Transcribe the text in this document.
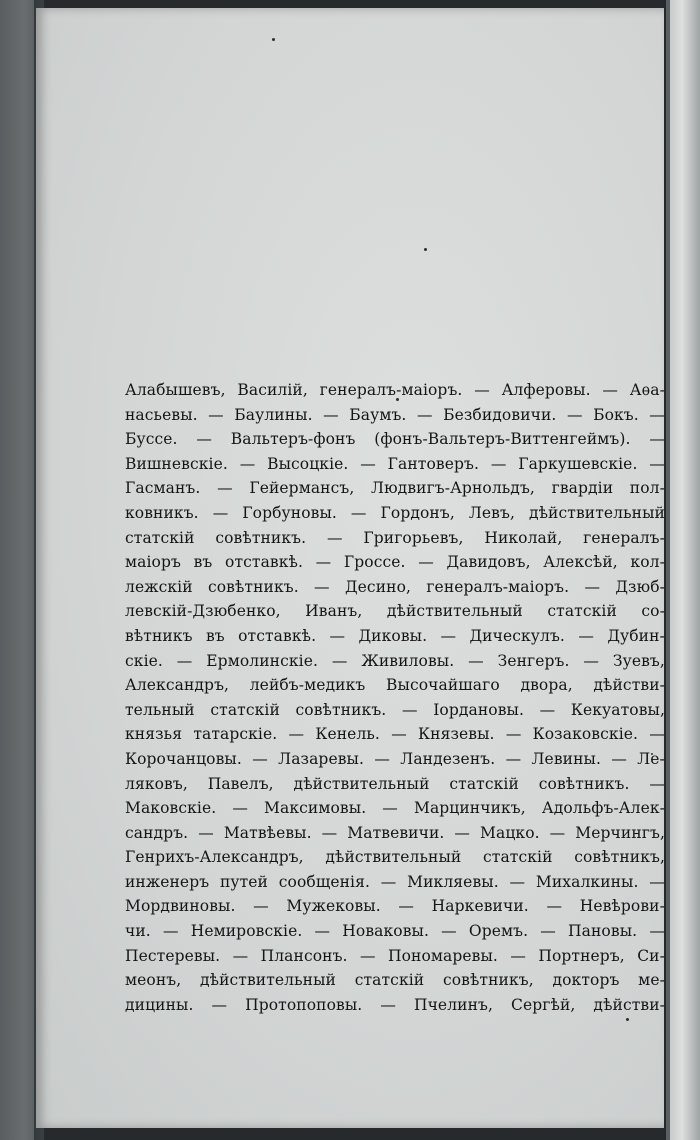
Алабышевъ, Василій, генералъ-маіоръ. — Алферовы. — Аѳа-
насьевы. — Баулины. — Баумъ. — Безбидовичи. — Бокъ. —
Буссе. — Вальтеръ-фонъ (фонъ-Вальтеръ-Виттенгеймъ). —
Вишневскіе. — Высоцкіе. — Гантоверъ. — Гаркушевскіе. —
Гасманъ. — Гейермансъ, Людвигъ-Арнольдъ, гвардіи пол-
ковникъ. — Горбуновы. — Гордонъ, Левъ, дѣйствительный
статскій совѣтникъ. — Григорьевъ, Николай, генералъ-
маіоръ въ отставкѣ. — Гроссе. — Давидовъ, Алексѣй, кол-
лежскій совѣтникъ. — Десино, генералъ-маіоръ. — Дзюб-
левскій-Дзюбенко, Иванъ, дѣйствительный статскій со-
вѣтникъ въ отставкѣ. — Диковы. — Дическулъ. — Дубин-
скіе. — Ермолинскіе. — Живиловы. — Зенгеръ. — Зуевъ,
Александръ, лейбъ-медикъ Высочайшаго двора, дѣйстви-
тельный статскій совѣтникъ. — Іордановы. — Кекуатовы,
князья татарскіе. — Кенель. — Князевы. — Козаковскіе. —
Корочанцовы. — Лазаревы. — Ландезенъ. — Левины. — Ле-
ляковъ, Павелъ, дѣйствительный статскій совѣтникъ. —
Маковскіе. — Максимовы. — Марцинчикъ, Адольфъ-Алек-
сандръ. — Матвѣевы. — Матвевичи. — Мацко. — Мерчингъ,
Генрихъ-Александръ, дѣйствительный статскій совѣтникъ,
инженеръ путей сообщенія. — Микляевы. — Михалкины. —
Мордвиновы. — Мужековы. — Наркевичи. — Невѣрови-
чи. — Немировскіе. — Новаковы. — Оремъ. — Пановы. —
Пестеревы. — Плансонъ. — Пономаревы. — Портнеръ, Си-
меонъ, дѣйствительный статскій совѣтникъ, докторъ ме-
дицины. — Протопоповы. — Пчелинъ, Сергѣй, дѣйстви-
